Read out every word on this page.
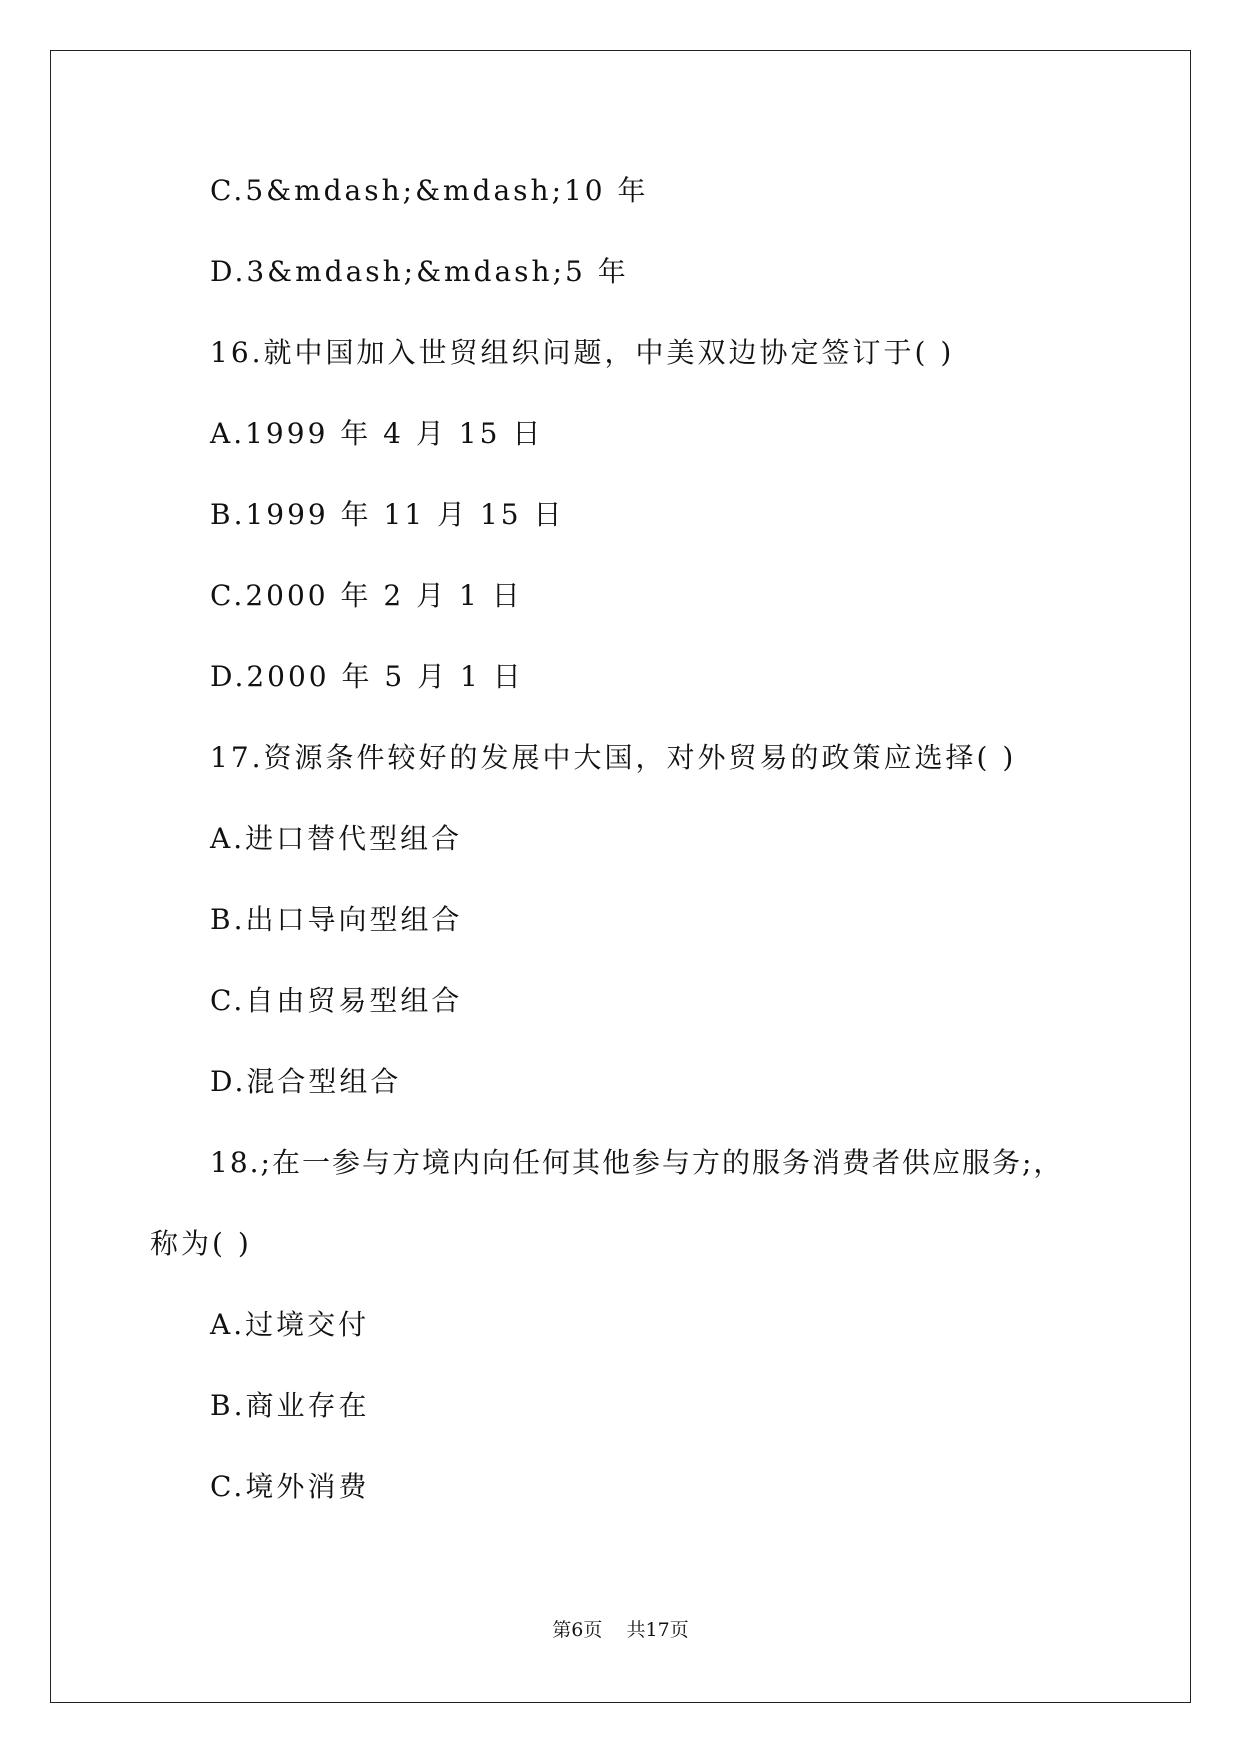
C.5&mdash;&mdash;10 年
D.3&mdash;&mdash;5 年
16.就中国加入世贸组织问题，中美双边协定签订于( )
A.1999 年 4 月 15 日
B.1999 年 11 月 15 日
C.2000 年 2 月 1 日
D.2000 年 5 月 1 日
17.资源条件较好的发展中大国，对外贸易的政策应选择( )
A.进口替代型组合
B.出口导向型组合
C.自由贸易型组合
D.混合型组合
18.;在一参与方境内向任何其他参与方的服务消费者供应服务;，
称为( )
A.过境交付
B.商业存在
C.境外消费
第6页 共17页
